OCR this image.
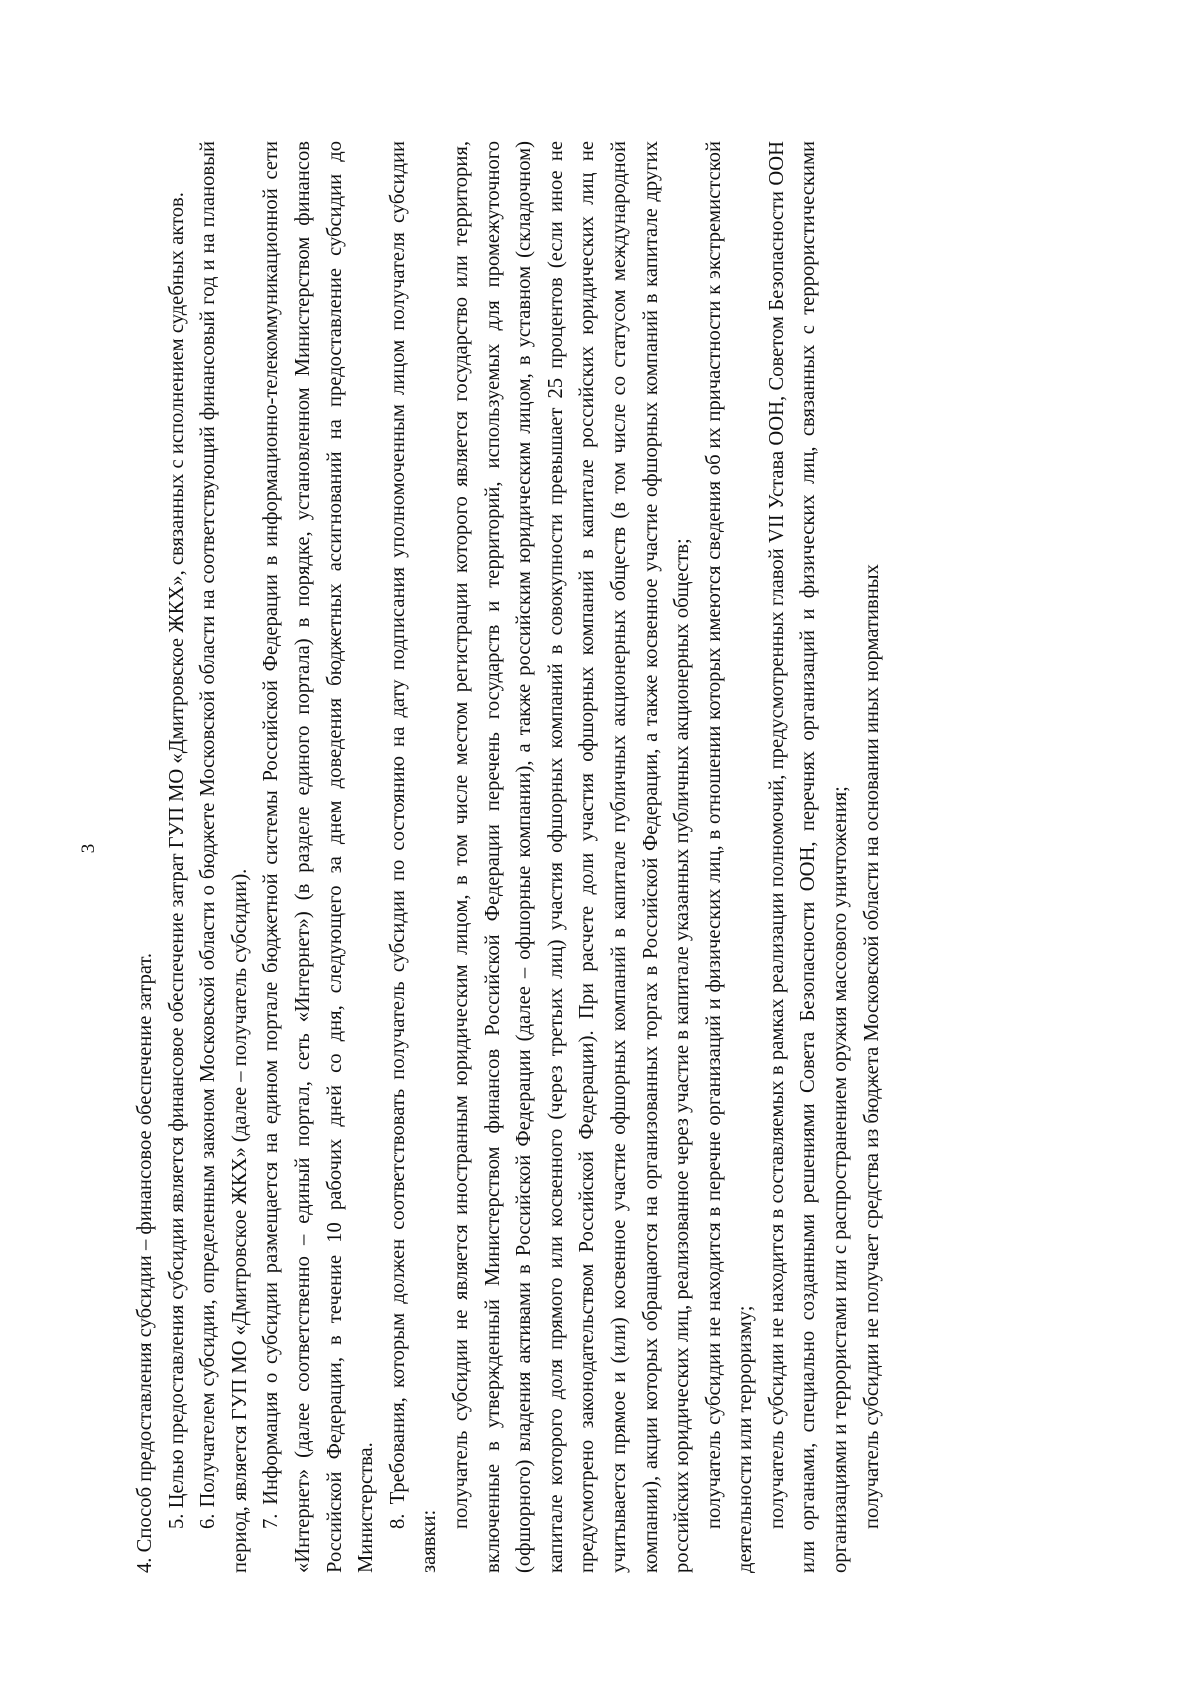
3

4. Способ предоставления субсидии – финансовое обеспечение затрат. 5. Целью предоставления субсидии является финансовое обеспечение затрат ГУП МО «Дмитровское ЖКХ», связанных с исполнением судебных актов. 6. Получателем субсидии, определенным законом Московской области о бюджете Московской области на соответствующий финансовый год и на плановый период, является ГУП МО «Дмитровское ЖКХ» (далее – получатель субсидии). 7. Информация о субсидии размещается на едином портале бюджетной системы Российской Федерации в информационно-телекоммуникационной сети «Интернет» (далее соответственно – единый портал, сеть «Интернет») (в разделе единого портала) в порядке, установленном Министерством финансов Российской Федерации, в течение 10 рабочих дней со дня, следующего за днем доведения бюджетных ассигнований на предоставление субсидии до Министерства. 8. Требования, которым должен соответствовать получатель субсидии по состоянию на дату подписания уполномоченным лицом получателя субсидии заявки:

получатель субсидии не является иностранным юридическим лицом, в том числе местом регистрации которого является государство или территория, включенные в утвержденный Министерством финансов Российской Федерации перечень государств и территорий, используемых для промежуточного (офшорного) владения активами в Российской Федерации (далее – офшорные компании), а также российским юридическим лицом, в уставном (складочном) капитале которого доля прямого или косвенного (через третьих лиц) участия офшорных компаний в совокупности превышает 25 процентов (если иное не предусмотрено законодательством Российской Федерации). При расчете доли участия офшорных компаний в капитале российских юридических лиц не учитывается прямое и (или) косвенное участие офшорных компаний в капитале публичных акционерных обществ (в том числе со статусом международной компании), акции которых обращаются на организованных торгах в Российской Федерации, а также косвенное участие офшорных компаний в капитале других российских юридических лиц, реализованное через участие в капитале указанных публичных акционерных обществ; получатель субсидии не находится в перечне организаций и физических лиц, в отношении которых имеются сведения об их причастности к экстремистской деятельности или терроризму; получатель субсидии не находится в составляемых в рамках реализации полномочий, предусмотренных главой VII Устава ООН, Советом Безопасности ООН или органами, специально созданными решениями Совета Безопасности ООН, перечнях организаций и физических лиц, связанных с террористическими организациями и террористами или с распространением оружия массового уничтожения; получатель субсидии не получает средства из бюджета Московской области на основании иных нормативных
